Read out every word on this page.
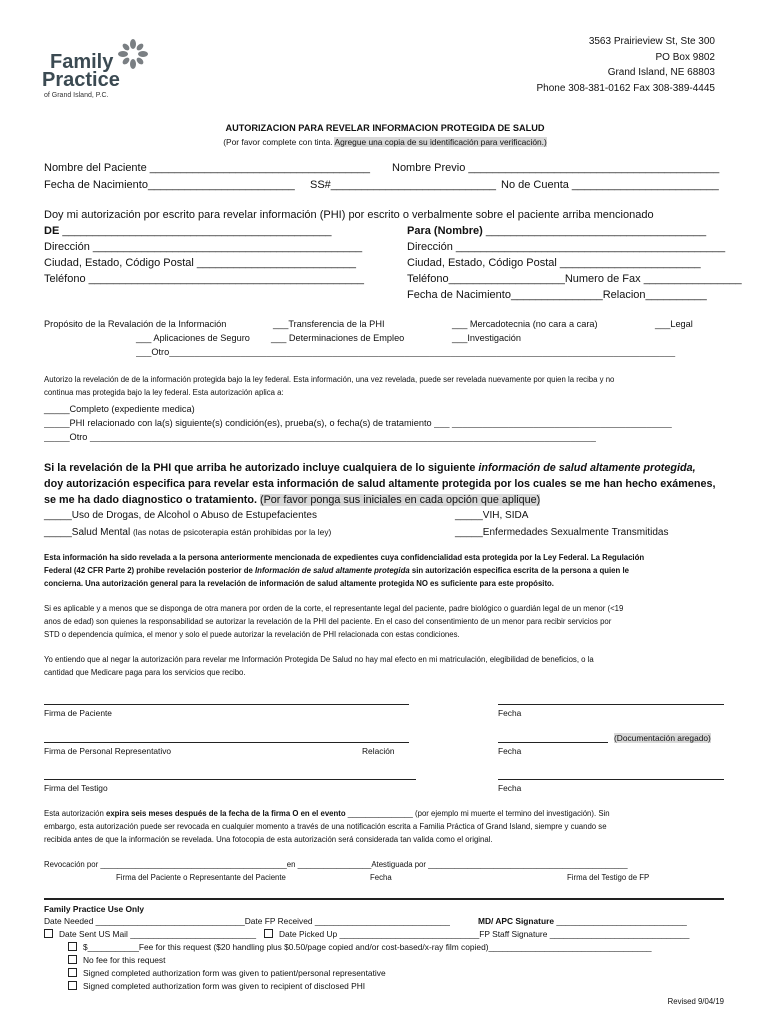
Family
Practice
of Grand Island, P.C.
3563 Prairieview St, Ste 300
PO Box 9802
Grand Island, NE 68803
Phone 308-381-0162 Fax 308-389-4445
AUTORIZACION PARA REVELAR INFORMACION PROTEGIDA DE SALUD
(Por favor complete con tinta. Agregue una copia de su identificación para verificación.)
Nombre del Paciente ____________________________________ Nombre Previo _________________________________________
Fecha de Nacimiento________________________ SS#___________________________ No de Cuenta ________________________
Doy mi autorización por escrito para revelar información (PHI) por escrito o verbalmente sobre el paciente arriba mencionado
DE ____________________________________________
Dirección ____________________________________________
Ciudad, Estado, Código Postal __________________________
Teléfono _____________________________________________
Para (Nombre) ____________________________________
Dirección ____________________________________________
Ciudad, Estado, Código Postal _______________________
Teléfono___________________Numero de Fax ________________
Fecha de Nacimiento_______________Relacion__________
Propósito de la Revalación de la Información	___Transferencia de la PHI	___ Mercadotecnia (no cara a cara)	___Legal
___ Aplicaciones de Seguro ___ Determinaciones de Empleo	___Investigación
___Otro___________________________________________________________________________________________________
Autorizo la revelación de de la información protegida bajo la ley federal. Esta información, una vez revelada, puede ser revelada nuevamente por quien la reciba y no
continua mas protegida bajo la ley federal. Esta autorización aplica a:
_____Completo (expediente medica)
_____PHI relacionado con la(s) siguiente(s) condición(es), prueba(s), o fecha(s) de tratamiento ___ ___________________________________________
_____Otro ___________________________________________________________________________________________________
Si la revelación de la PHI que arriba he autorizado incluye cualquiera de lo siguiente información de salud altamente protegida,
doy autorización especifica para revelar esta información de salud altamente protegida por los cuales se me han hecho exámenes,
se me ha dado diagnostico o tratamiento. (Por favor ponga sus iniciales en cada opción que aplique)
_____Uso de Drogas, de Alcohol o Abuso de Estupefacientes	_____VIH, SIDA
_____Salud Mental (las notas de psicoterapia están prohibidas por la ley)	_____Enfermedades Sexualmente Transmitidas
Esta información ha sido revelada a la persona anteriormente mencionada de expedientes cuya confidencialidad esta protegida por la Ley Federal. La Regulación
Federal (42 CFR Parte 2) prohibe revelación posterior de Información de salud altamente protegida sin autorización especifica escrita de la persona a quien le
concierna. Una autorización general para la revelación de información de salud altamente protegida NO es suficiente para este propósito.
Si es aplicable y a menos que se disponga de otra manera por orden de la corte, el representante legal del paciente, padre biológico o guardián legal de un menor (<19
anos de edad) son quienes la responsabilidad se autorizar la revelación de la PHI del paciente. En el caso del consentimiento de un menor para recibir servicios por
STD o dependencia química, el menor y solo el puede autorizar la revelación de PHI relacionada con estas condiciones.
Yo entiendo que al negar la autorización para revelar me Información Protegida De Salud no hay mal efecto en mi matriculación, elegibilidad de beneficios, o la
cantidad que Medicare paga para los servicios que recibo.
Firma de Paciente	Fecha
(Documentación aregado)
Firma de Personal Representativo	Relación	Fecha
Firma del Testigo	Fecha
Esta autorización expira seis meses después de la fecha de la firma O en el evento _______________ (por ejemplo mi muerte el termino del investigación). Sin
embargo, esta autorización puede ser revocada en cualquier momento a través de una notificación escrita a Familia Práctica of Grand Island, siempre y cuando se
recibida antes de que la información se revelada. Una fotocopia de esta autorización será considerada tan valida como el original.
Revocación por ___________________________________________en _________________Atestiguada por ______________________________________________
Firma del Paciente o Representante del Paciente	Fecha	Firma del Testigo de FP
Family Practice Use Only
Date Needed ________________________________Date FP Received _____________________________	MD/ APC Signature ____________________________
Date Sent US Mail ___________________________	Date Picked Up ______________________________FP Staff Signature ______________________________
$___________Fee for this request ($20 handling plus $0.50/page copied and/or cost-based/x-ray film copied)___________________________________
No fee for this request
Signed completed authorization form was given to patient/personal representative
Signed completed authorization form was given to recipient of disclosed PHI
Revised 9/04/19
